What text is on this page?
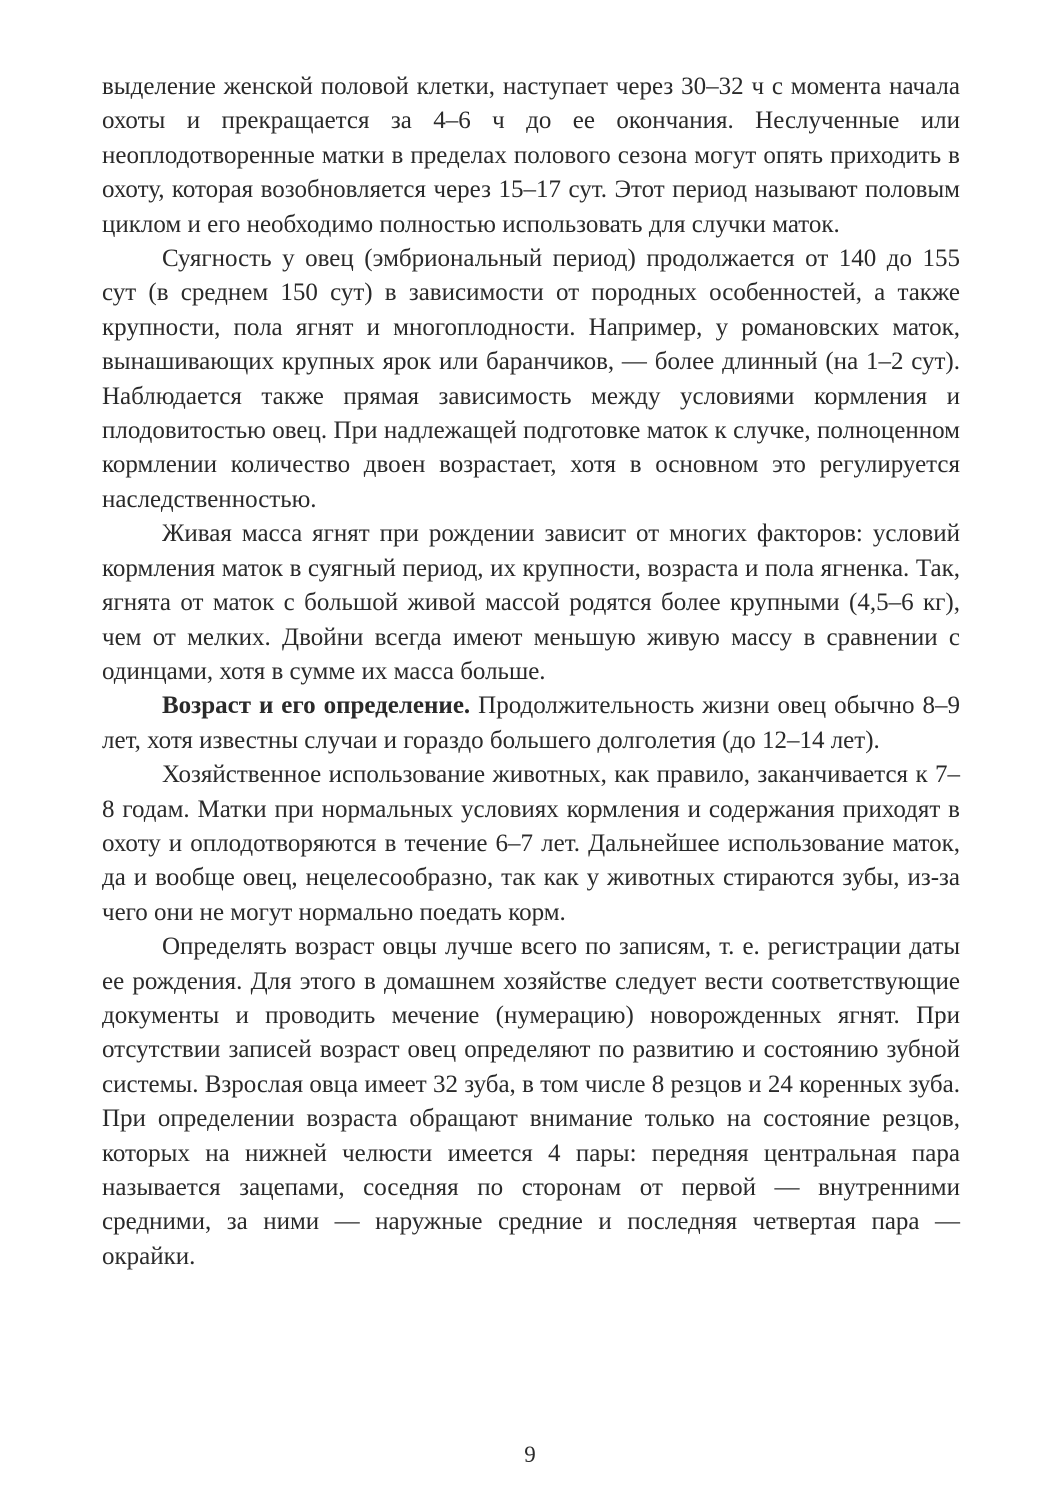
выделение женской половой клетки, наступает через 30–32 ч с момента начала охоты и прекращается за 4–6 ч до ее окончания. Неслученные или неоплодотворенные матки в пределах полового сезона могут опять приходить в охоту, которая возобновляется через 15–17 сут. Этот период называют половым циклом и его необходимо полностью использовать для случки маток.

Суягность у овец (эмбриональный период) продолжается от 140 до 155 сут (в среднем 150 сут) в зависимости от породных особенностей, а также крупности, пола ягнят и многоплодности. Например, у романовских маток, вынашивающих крупных ярок или баранчиков, — более длинный (на 1–2 сут). Наблюдается также прямая зависимость между условиями кормления и плодовитостью овец. При надлежащей подготовке маток к случке, полноценном кормлении количество двоен возрастает, хотя в основном это регулируется наследственностью.

Живая масса ягнят при рождении зависит от многих факторов: условий кормления маток в суягный период, их крупности, возраста и пола ягненка. Так, ягнята от маток с большой живой массой родятся более крупными (4,5–6 кг), чем от мелких. Двойни всегда имеют меньшую живую массу в сравнении с одинцами, хотя в сумме их масса больше.

Возраст и его определение. Продолжительность жизни овец обычно 8–9 лет, хотя известны случаи и гораздо большего долголетия (до 12–14 лет).

Хозяйственное использование животных, как правило, заканчивается к 7–8 годам. Матки при нормальных условиях кормления и содержания приходят в охоту и оплодотворяются в течение 6–7 лет. Дальнейшее использование маток, да и вообще овец, нецелесообразно, так как у животных стираются зубы, из-за чего они не могут нормально поедать корм.

Определять возраст овцы лучше всего по записям, т. е. регистрации даты ее рождения. Для этого в домашнем хозяйстве следует вести соответствующие документы и проводить мечение (нумерацию) новорожденных ягнят. При отсутствии записей возраст овец определяют по развитию и состоянию зубной системы. Взрослая овца имеет 32 зуба, в том числе 8 резцов и 24 коренных зуба. При определении возраста обращают внимание только на состояние резцов, которых на нижней челюсти имеется 4 пары: передняя центральная пара называется зацепами, соседняя по сторонам от первой — внутренними средними, за ними — наружные средние и последняя четвертая пара — окрайки.

9
